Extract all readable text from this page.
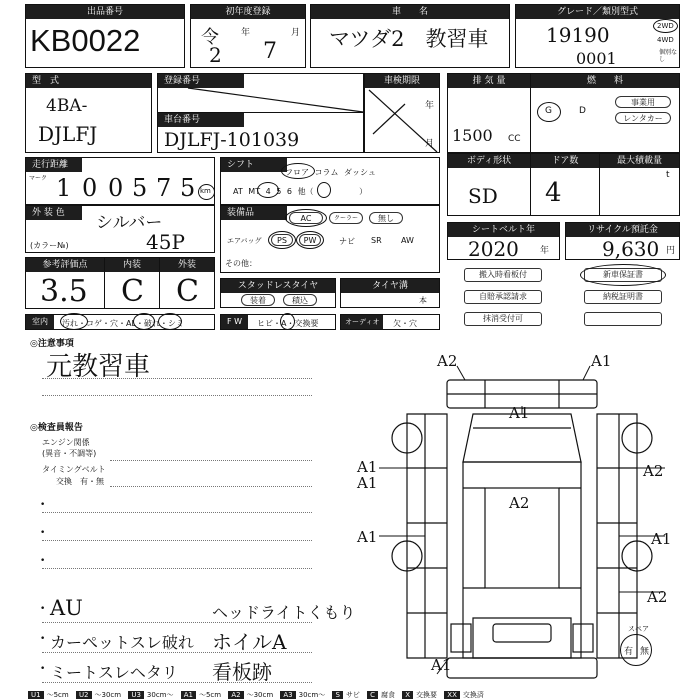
出品番号
KB0022
初年度登録
令
2
年
7
月
車　　名
マツダ2　教習車
グレード／類別型式
19190
0001
2WD
4WD
個別なし
型　式
4BA-
DJLFJ
登録番号
車台番号
DJLFJ-101039
車検期限
年
月
排 気 量
1500 CC
燃　　料
G	D
事業用
レンタカー
走行距離
マーク
万 千 百 十 一
1 0 0 5 7 5 km
シフト
フロア コラム ダッシュ
AT MT 4 5 6 他（	）
ボディ形状
SD
ドア数
4
最大積載量
t
外 装 色	シルバー
(カラー№)	45P
装備品
AC	クーラー	無し
エアバッグ	PS	PW	ナビ SR AW
その他：
シートベルト年
2020 年
リサイクル預託金
9,630 円
参考評価点
3.5
内装
C
外装
C	スタッドレスタイヤ
装着	積込
タイヤ溝
本
搬入時看板付	新車保証書
自賠承認請求	納税証明書
抹消受付可
室内	汚れ・コゲ・穴・AL・破れ・シミ	F W	ヒビ・A・交換要	オーディオ	欠・穴
◎注意事項
元教習車
◎検査員報告
エンジン関係
(異音・不調等)
タイミングベルト
交換　有・無
•
•
•
• AU	ヘッドライトくもり
• カーペットスレ破れ ホイルA
• ミートスレヘタリ 看板跡
A2	A1
A1
A1	A2
A1
A1
A2
A1
A2
A1
スペア
有 無
U1 ～5cm U2 ～30cm U3 30cm～ A1 ～5cm A2 ～30cm A3 30cm～ S サビ C 腐食 X 交換要 XX 交換済
